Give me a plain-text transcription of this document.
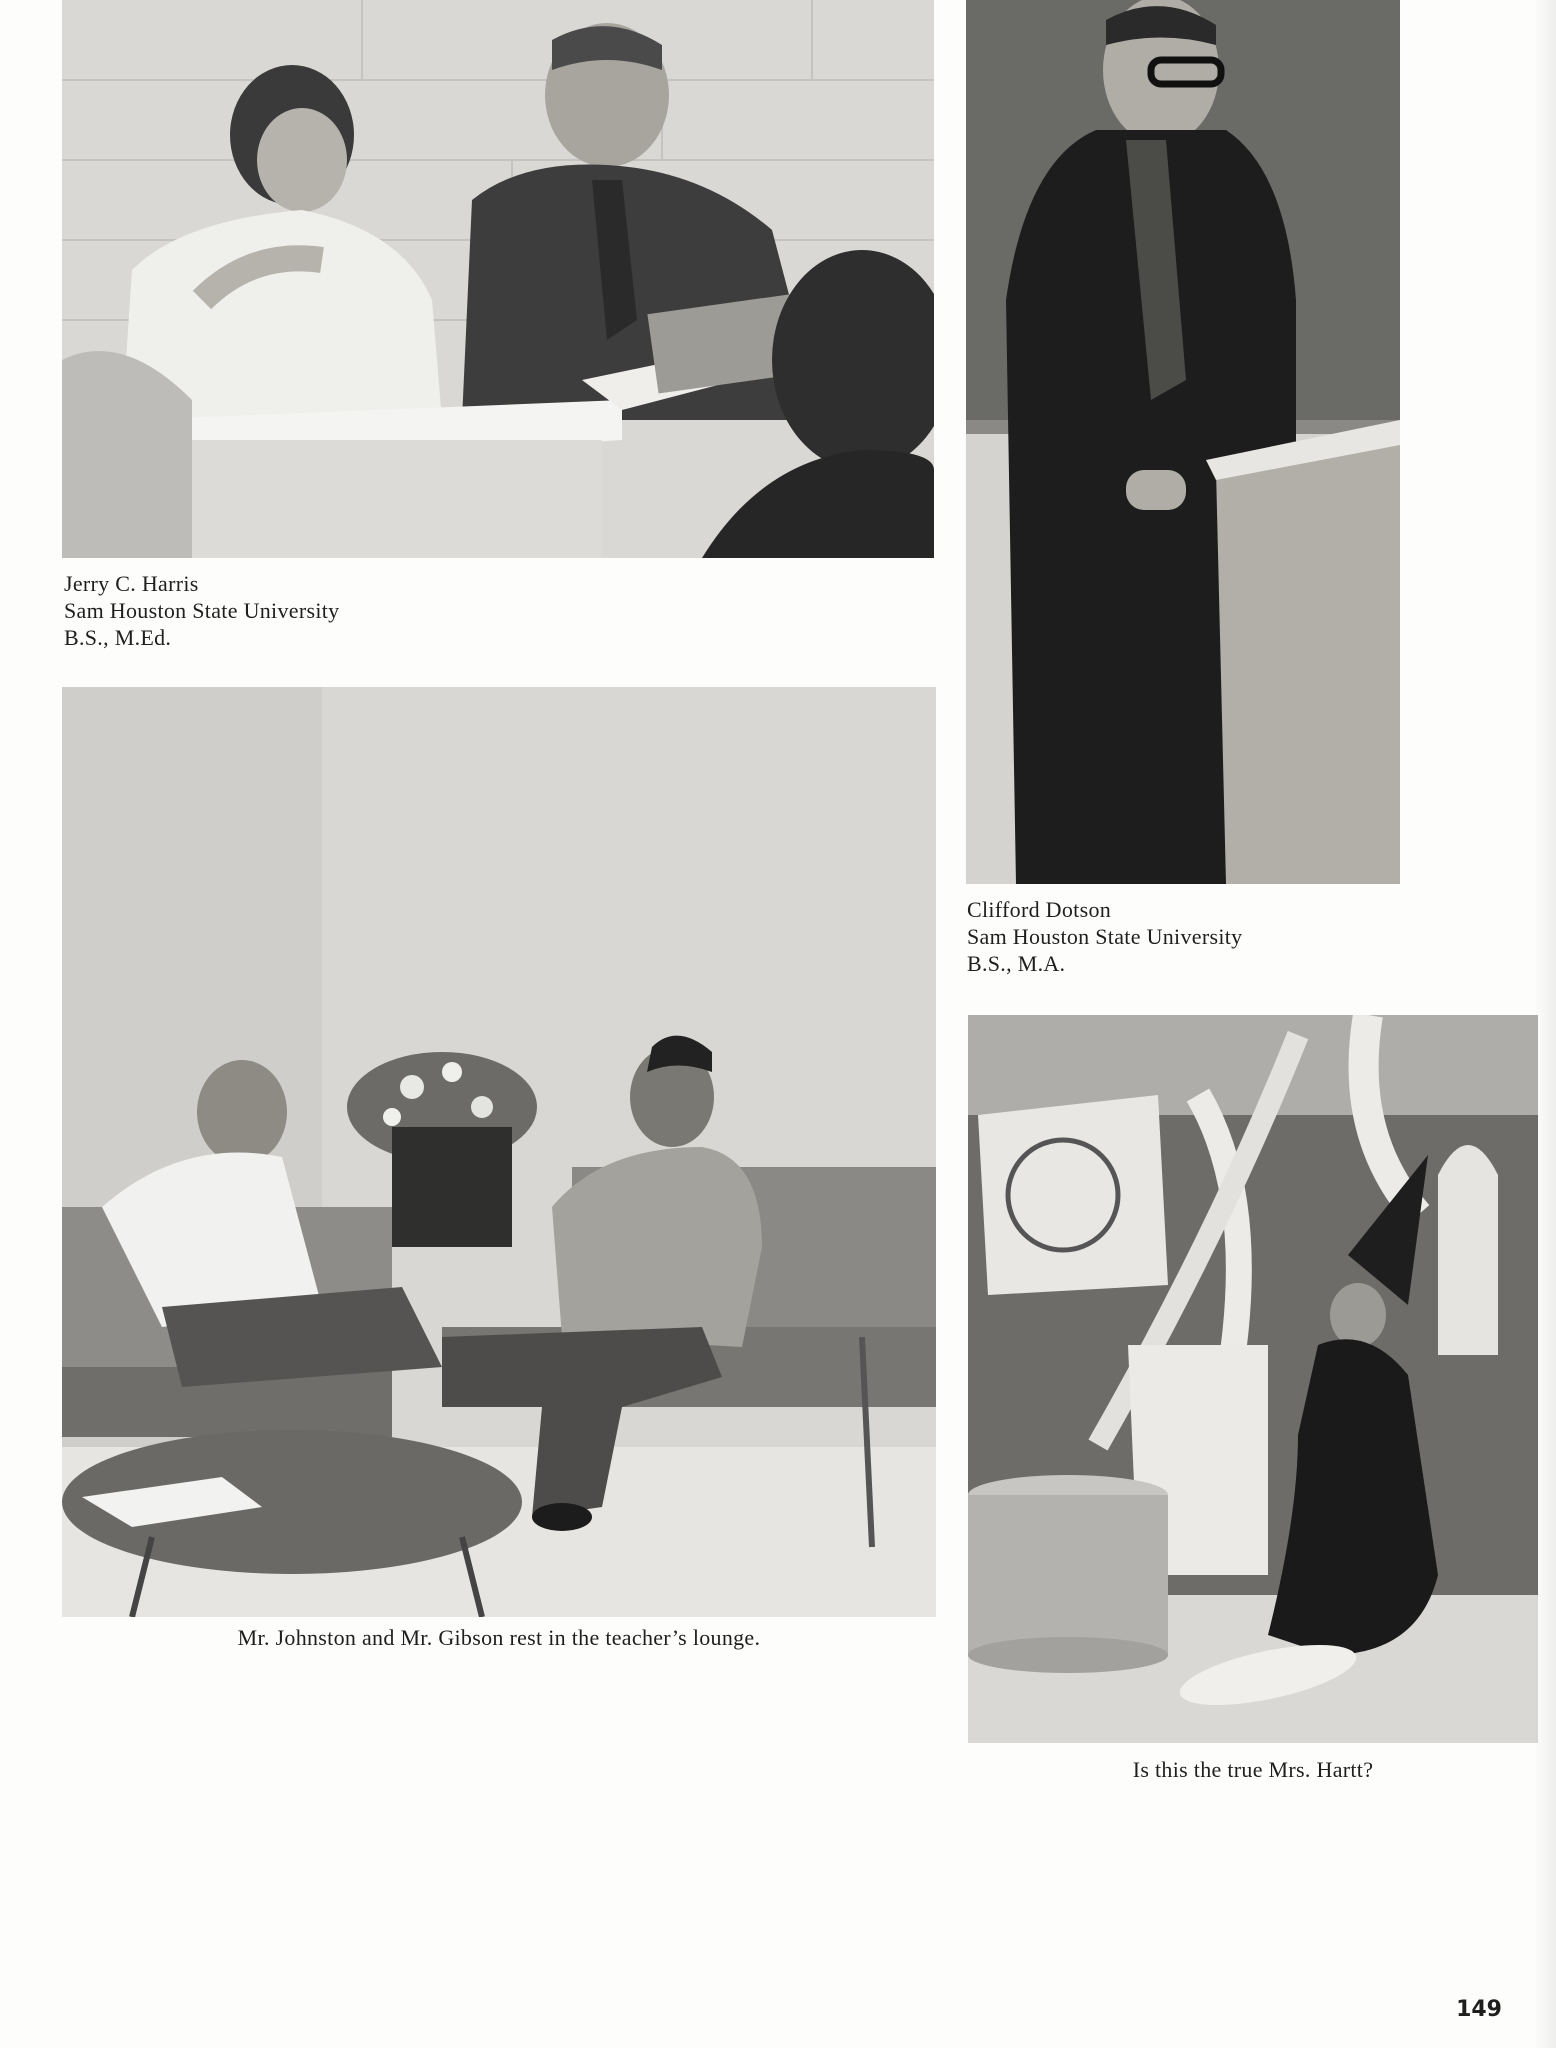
Jerry C. Harris
Sam Houston State University
B.S., M.Ed.
Clifford Dotson
Sam Houston State University
B.S., M.A.
Mr. Johnston and Mr. Gibson rest in the teacher’s lounge.
Is this the true Mrs. Hartt?
149
